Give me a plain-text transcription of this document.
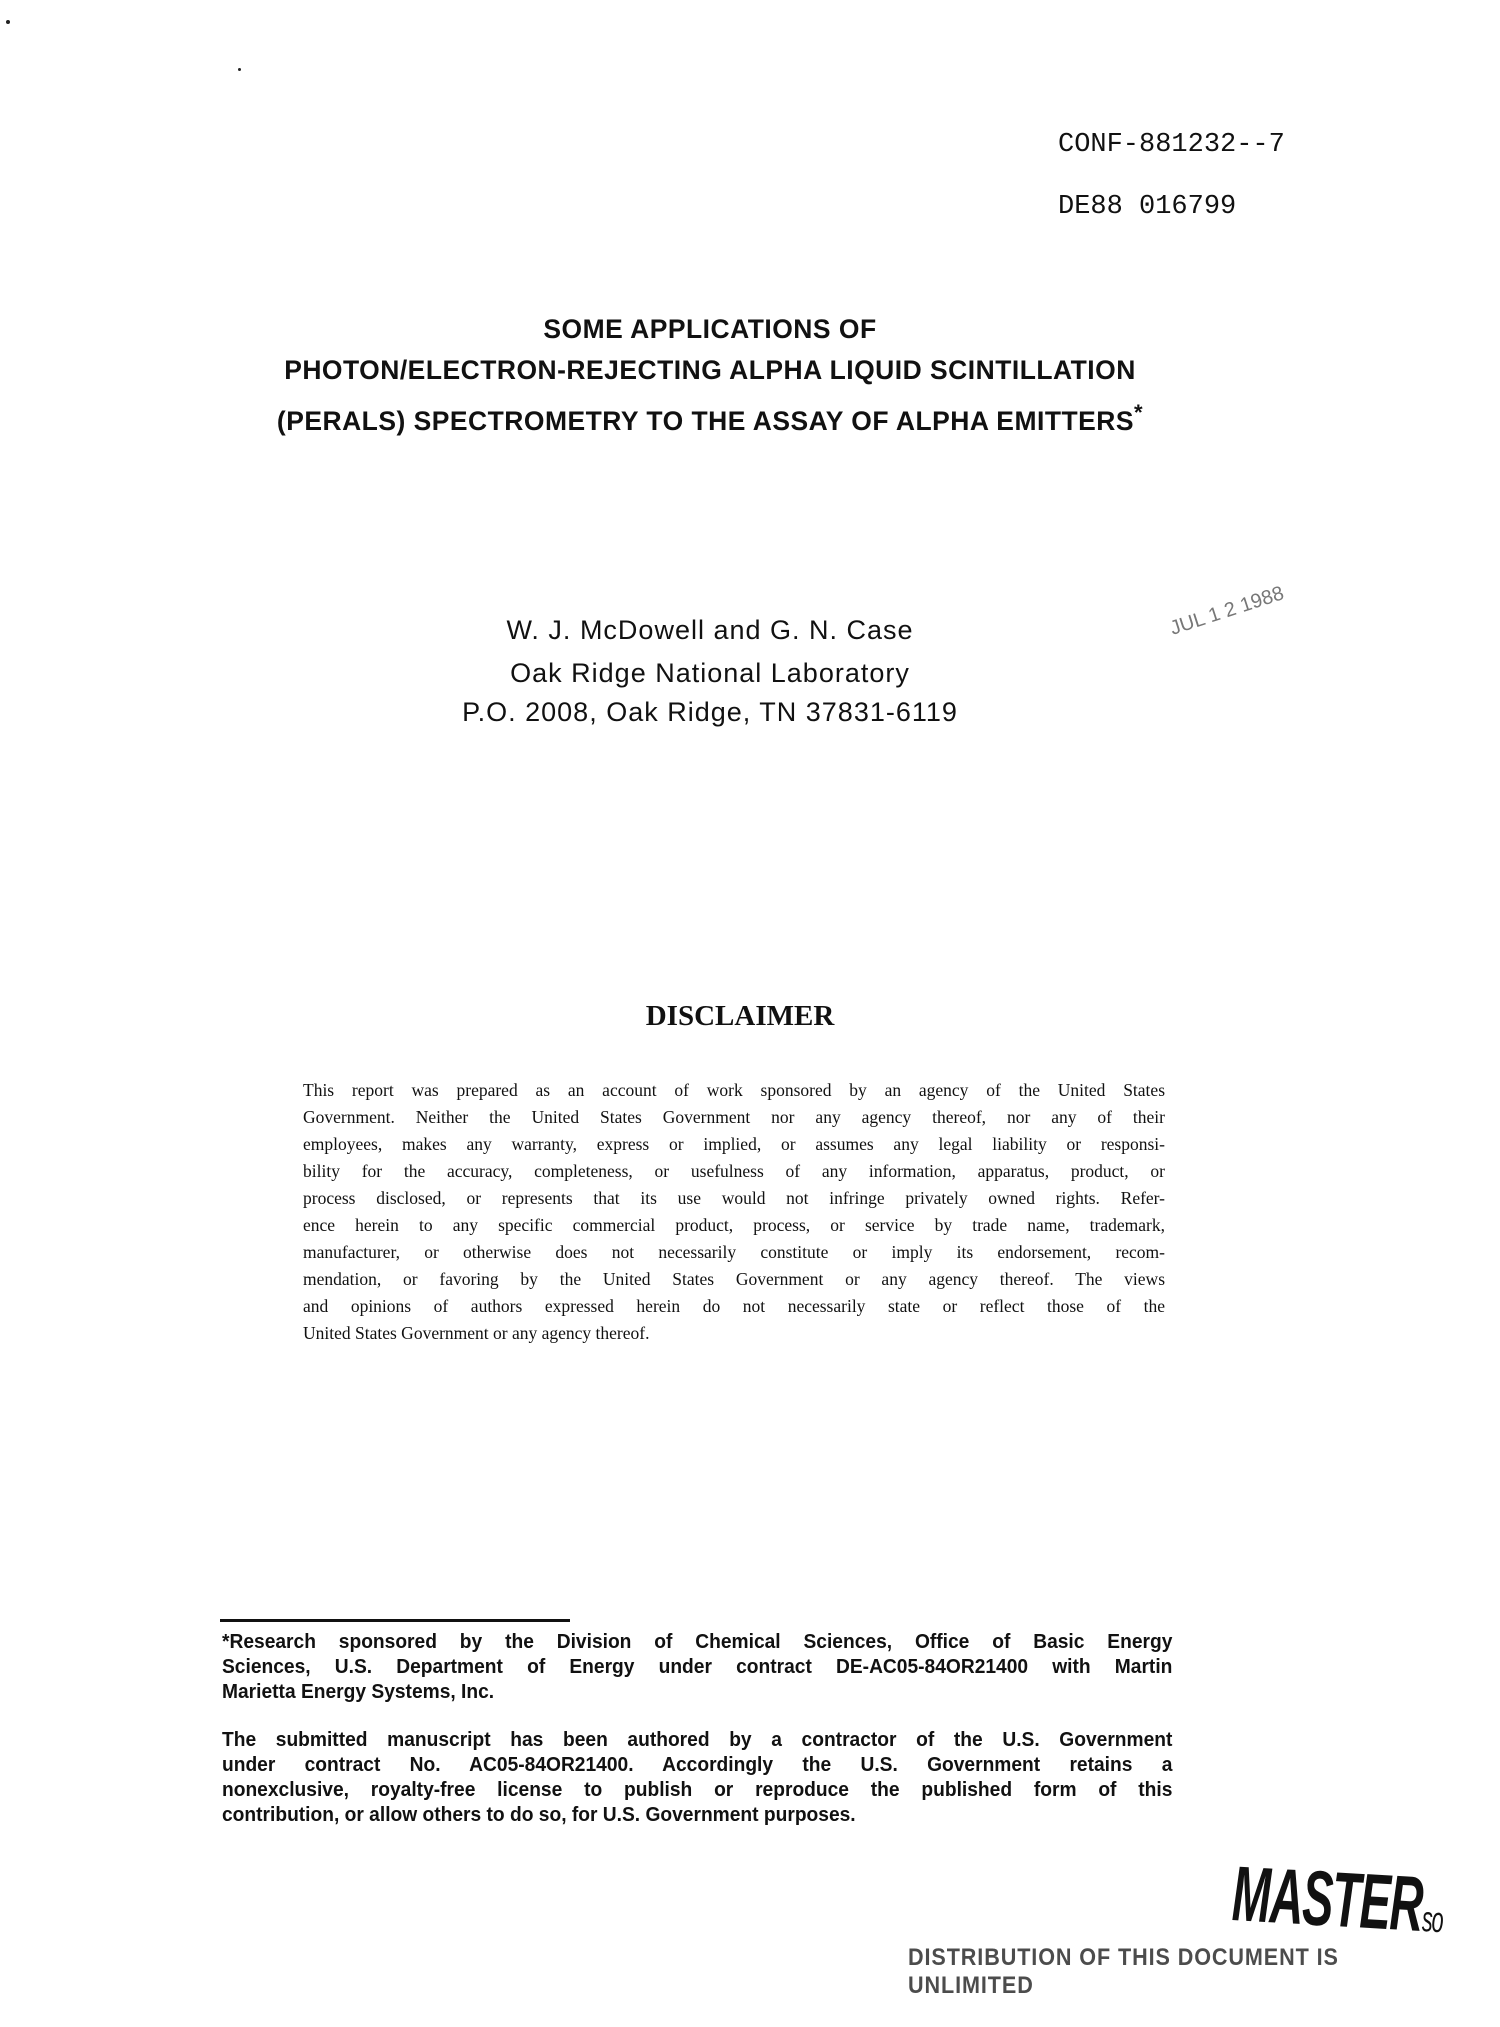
CONF-881232--7
DE88 016799
SOME APPLICATIONS OF
PHOTON/ELECTRON-REJECTING ALPHA LIQUID SCINTILLATION
(PERALS) SPECTROMETRY TO THE ASSAY OF ALPHA EMITTERS*
W. J. McDowell and G. N. Case
Oak Ridge National Laboratory
P.O. 2008, Oak Ridge, TN 37831-6119
JUL 1 2 1988
DISCLAIMER
This report was prepared as an account of work sponsored by an agency of the United States
Government. Neither the United States Government nor any agency thereof, nor any of their
employees, makes any warranty, express or implied, or assumes any legal liability or responsi-
bility for the accuracy, completeness, or usefulness of any information, apparatus, product, or
process disclosed, or represents that its use would not infringe privately owned rights. Refer-
ence herein to any specific commercial product, process, or service by trade name, trademark,
manufacturer, or otherwise does not necessarily constitute or imply its endorsement, recom-
mendation, or favoring by the United States Government or any agency thereof. The views
and opinions of authors expressed herein do not necessarily state or reflect those of the
United States Government or any agency thereof.
*Research sponsored by the Division of Chemical Sciences, Office of Basic Energy
Sciences, U.S. Department of Energy under contract DE-AC05-84OR21400 with Martin
Marietta Energy Systems, Inc.
The submitted manuscript has been authored by a contractor of the U.S. Government
under contract No. AC05-84OR21400. Accordingly the U.S. Government retains a
nonexclusive, royalty-free license to publish or reproduce the published form of this
contribution, or allow others to do so, for U.S. Government purposes.
MASTERso
DISTRIBUTION OF THIS DOCUMENT IS UNLIMITED
